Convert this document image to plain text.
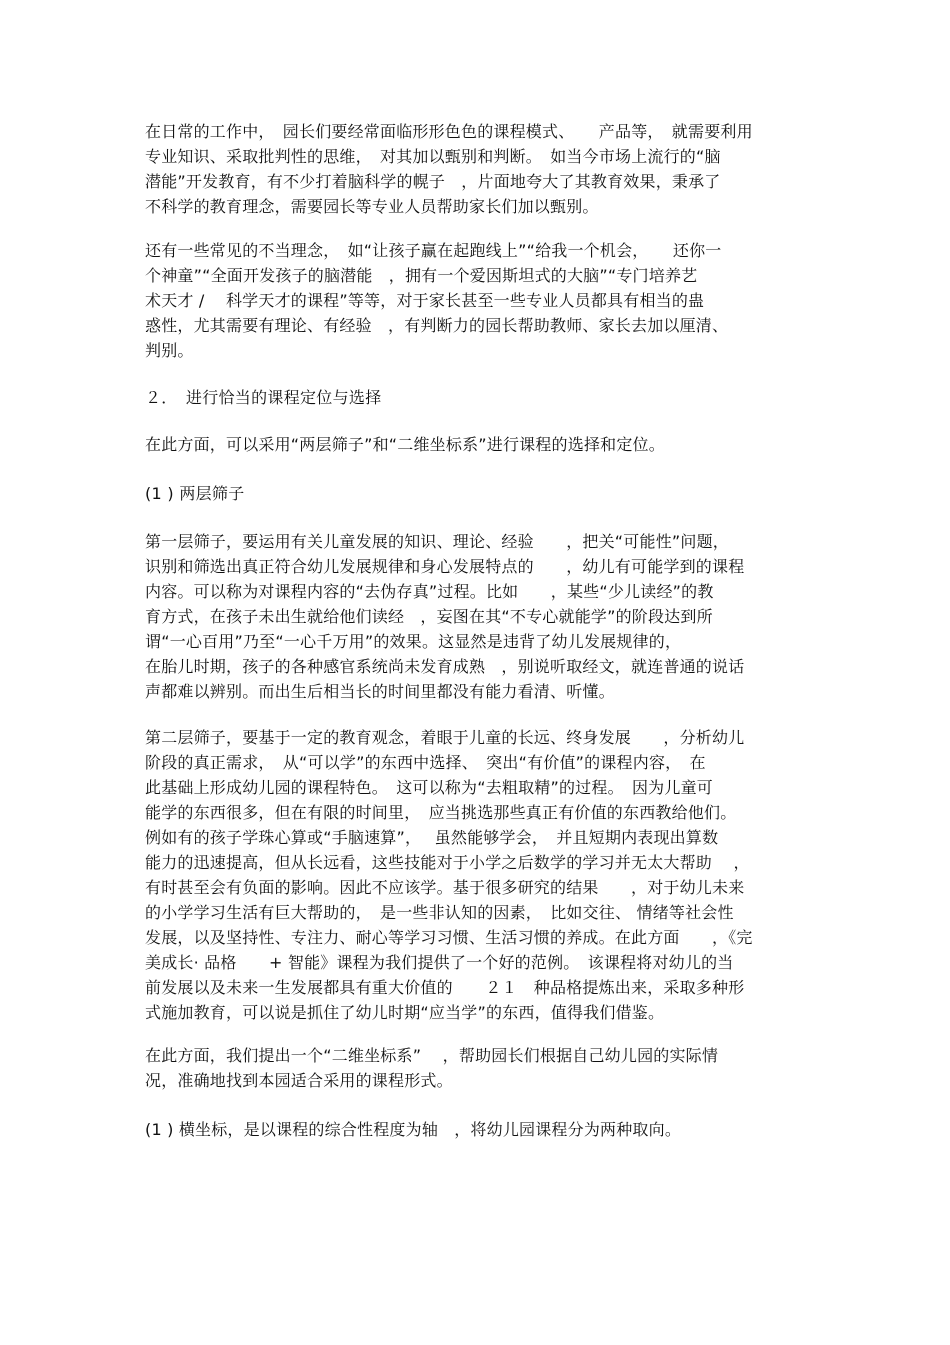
在日常的工作中，　园长们要经常面临形形色色的课程模式、　　产品等，　就需要利用
专业知识、采取批判性的思维，　对其加以甄别和判断。　如当今市场上流行的“脑
潜能”开发教育，有不少打着脑科学的幌子　，片面地夸大了其教育效果，秉承了
不科学的教育理念，需要园长等专业人员帮助家长们加以甄别。
还有一些常见的不当理念，　如“让孩子赢在起跑线上”“给我一个机会，　　还你一
个神童”“全面开发孩子的脑潜能　，拥有一个爱因斯坦式的大脑”“专门培养艺
术天才 /　 科学天才的课程”等等，对于家长甚至一些专业人员都具有相当的蛊
惑性，尤其需要有理论、有经验　，有判断力的园长帮助教师、家长去加以厘清、
判别。
２．　进行恰当的课程定位与选择
在此方面，可以采用“两层筛子”和“二维坐标系”进行课程的选择和定位。
(1 ) 两层筛子
第一层筛子，要运用有关儿童发展的知识、理论、经验　　，把关“可能性”问题，
识别和筛选出真正符合幼儿发展规律和身心发展特点的　　，幼儿有可能学到的课程
内容。可以称为对课程内容的“去伪存真”过程。比如　　，某些“少儿读经”的教
育方式，在孩子未出生就给他们读经　，妄图在其“不专心就能学”的阶段达到所
谓“一心百用”乃至“一心千万用”的效果。这显然是违背了幼儿发展规律的，
在胎儿时期，孩子的各种感官系统尚未发育成熟　，别说听取经文，就连普通的说话
声都难以辨别。而出生后相当长的时间里都没有能力看清、听懂。
第二层筛子，要基于一定的教育观念，着眼于儿童的长远、终身发展　　，分析幼儿
阶段的真正需求，　从“可以学”的东西中选择、　突出“有价值”的课程内容，　在
此基础上形成幼儿园的课程特色。　这可以称为“去粗取精”的过程。　因为儿童可
能学的东西很多，但在有限的时间里，　应当挑选那些真正有价值的东西教给他们。
例如有的孩子学珠心算或“手脑速算”，　 虽然能够学会，　并且短期内表现出算数
能力的迅速提高，但从长远看，这些技能对于小学之后数学的学习并无太大帮助　 ，
有时甚至会有负面的影响。因此不应该学。基于很多研究的结果　　，对于幼儿未来
的小学学习生活有巨大帮助的，　是一些非认知的因素，　比如交往、 情绪等社会性
发展，以及坚持性、专注力、耐心等学习习惯、生活习惯的养成。在此方面　　，《完
美成长· 品格　　+ 智能》课程为我们提供了一个好的范例。　该课程将对幼儿的当
前发展以及未来一生发展都具有重大价值的　　２１　种品格提炼出来，采取多种形
式施加教育，可以说是抓住了幼儿时期“应当学”的东西，值得我们借鉴。
在此方面，我们提出一个“二维坐标系”　 ，帮助园长们根据自己幼儿园的实际情
况，准确地找到本园适合采用的课程形式。
(1 ) 横坐标，是以课程的综合性程度为轴　，将幼儿园课程分为两种取向。
